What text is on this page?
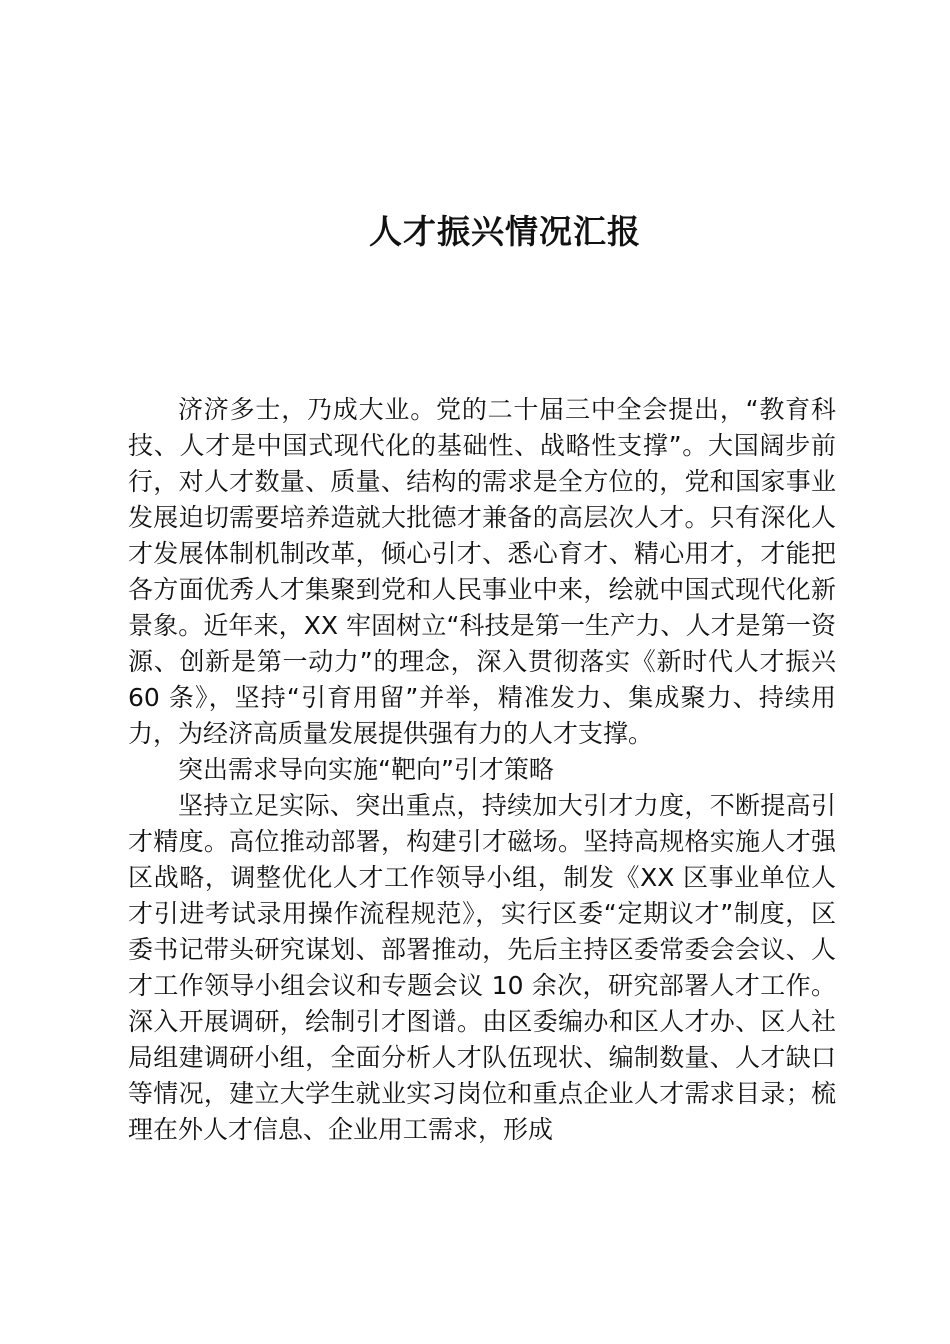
人才振兴情况汇报

济济多士，乃成大业。党的二十届三中全会提出，“教育科技、人才是中国式现代化的基础性、战略性支撑”。大国阔步前行，对人才数量、质量、结构的需求是全方位的，党和国家事业发展迫切需要培养造就大批德才兼备的高层次人才。只有深化人才发展体制机制改革，倾心引才、悉心育才、精心用才，才能把各方面优秀人才集聚到党和人民事业中来，绘就中国式现代化新景象。近年来，XX 牢固树立“科技是第一生产力、人才是第一资源、创新是第一动力”的理念，深入贯彻落实《新时代人才振兴 60 条》，坚持“引育用留”并举，精准发力、集成聚力、持续用力，为经济高质量发展提供强有力的人才支撑。

突出需求导向实施“靶向”引才策略

坚持立足实际、突出重点，持续加大引才力度，不断提高引才精度。高位推动部署，构建引才磁场。坚持高规格实施人才强区战略，调整优化人才工作领导小组，制发《XX 区事业单位人才引进考试录用操作流程规范》，实行区委“定期议才”制度，区委书记带头研究谋划、部署推动，先后主持区委常委会会议、人才工作领导小组会议和专题会议 10 余次，研究部署人才工作。深入开展调研，绘制引才图谱。由区委编办和区人才办、区人社局组建调研小组，全面分析人才队伍现状、编制数量、人才缺口等情况，建立大学生就业实习岗位和重点企业人才需求目录；梳理在外人才信息、企业用工需求，形成
